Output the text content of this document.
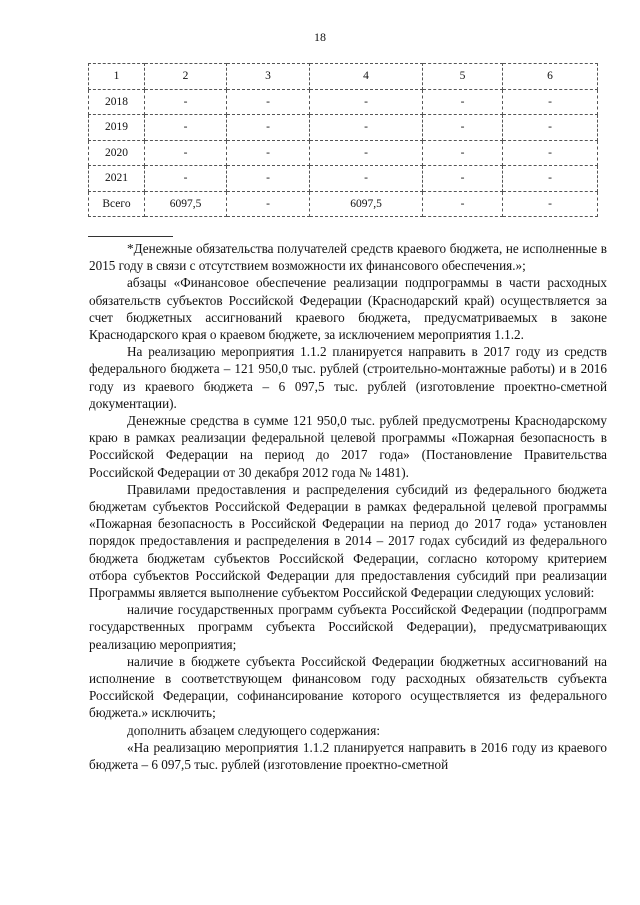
18
1	2	3	4	5	6
2018	-	-	-	-	-
2019	-	-	-	-	-
2020	-	-	-	-	-
2021	-	-	-	-	-
Всего	6097,5	-	6097,5	-	-

*Денежные обязательства получателей средств краевого бюджета, не исполненные в 2015 году в связи с отсутствием возможности их финансового обеспечения.»;

абзацы «Финансовое обеспечение реализации подпрограммы в части расходных обязательств субъектов Российской Федерации (Краснодарский край) осуществляется за счет бюджетных ассигнований краевого бюджета, предусматриваемых в законе Краснодарского края о краевом бюджете, за исключением мероприятия 1.1.2.

На реализацию мероприятия 1.1.2 планируется направить в 2017 году из средств федерального бюджета – 121 950,0 тыс. рублей (строительно-монтажные работы) и в 2016 году из краевого бюджета – 6 097,5 тыс. рублей (изготовление проектно-сметной документации).

Денежные средства в сумме 121 950,0 тыс. рублей предусмотрены Краснодарскому краю в рамках реализации федеральной целевой программы «Пожарная безопасность в Российской Федерации на период до 2017 года» (Постановление Правительства Российской Федерации от 30 декабря 2012 года № 1481).

Правилами предоставления и распределения субсидий из федерального бюджета бюджетам субъектов Российской Федерации в рамках федеральной целевой программы «Пожарная безопасность в Российской Федерации на период до 2017 года» установлен порядок предоставления и распределения в 2014 – 2017 годах субсидий из федерального бюджета бюджетам субъектов Российской Федерации, согласно которому критерием отбора субъектов Российской Федерации для предоставления субсидий при реализации Программы является выполнение субъектом Российской Федерации следующих условий:

наличие государственных программ субъекта Российской Федерации (подпрограмм государственных программ субъекта Российской Федерации), предусматривающих реализацию мероприятия;

наличие в бюджете субъекта Российской Федерации бюджетных ассигнований на исполнение в соответствующем финансовом году расходных обязательств субъекта Российской Федерации, софинансирование которого осуществляется из федерального бюджета.» исключить;

дополнить абзацем следующего содержания:

«На реализацию мероприятия 1.1.2 планируется направить в 2016 году из краевого бюджета – 6 097,5 тыс. рублей (изготовление проектно-сметной
